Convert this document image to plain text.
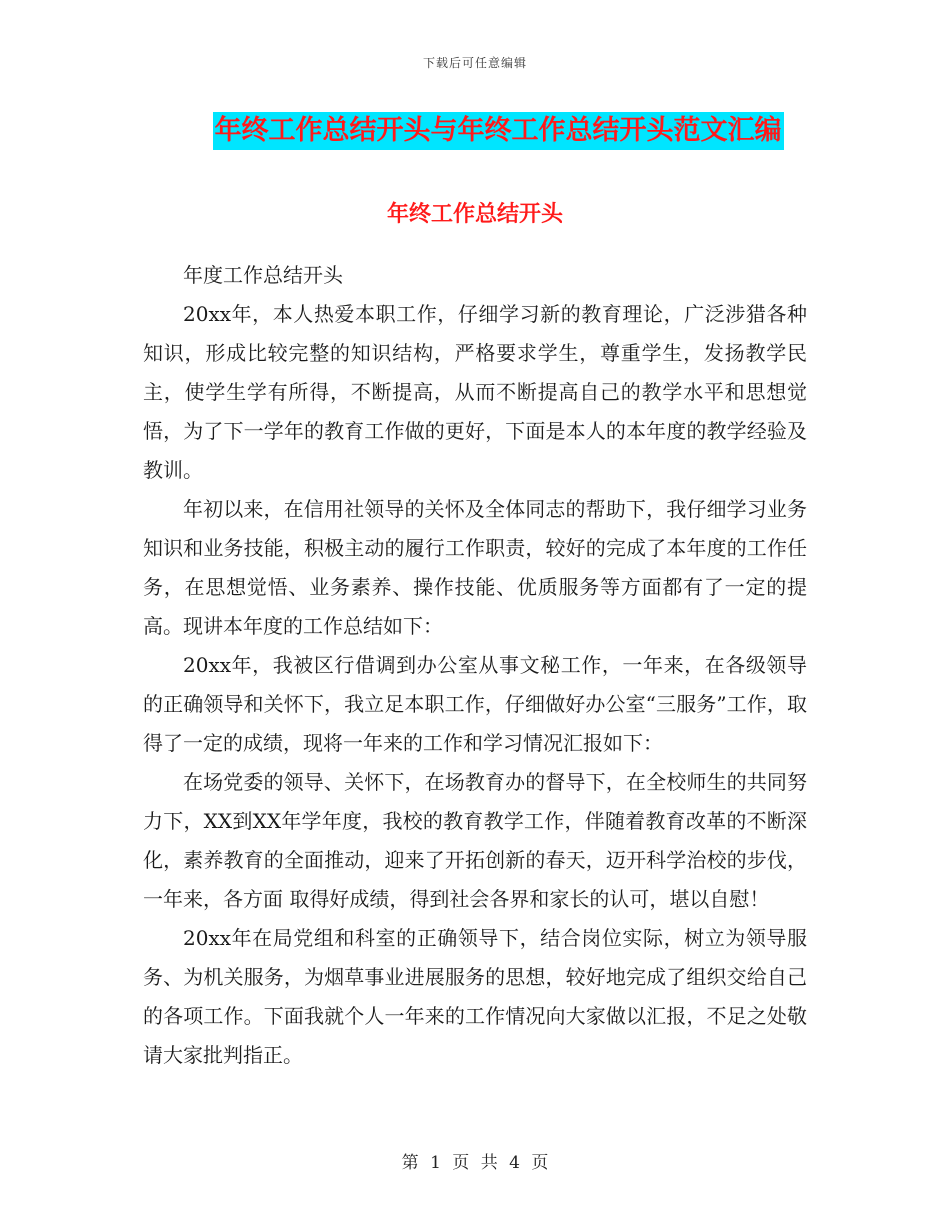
下载后可任意编辑
年终工作总结开头与年终工作总结开头范文汇编
年终工作总结开头

年度工作总结开头

20xx年，本人热爱本职工作，仔细学习新的教育理论，广泛涉猎各种知识，形成比较完整的知识结构，严格要求学生，尊重学生，发扬教学民主，使学生学有所得，不断提高，从而不断提高自己的教学水平和思想觉悟，为了下一学年的教育工作做的更好，下面是本人的本年度的教学经验及教训。

年初以来，在信用社领导的关怀及全体同志的帮助下，我仔细学习业务知识和业务技能，积极主动的履行工作职责，较好的完成了本年度的工作任务，在思想觉悟、业务素养、操作技能、优质服务等方面都有了一定的提高。现讲本年度的工作总结如下：

20xx年，我被区行借调到办公室从事文秘工作，一年来，在各级领导的正确领导和关怀下，我立足本职工作，仔细做好办公室“三服务”工作，取得了一定的成绩，现将一年来的工作和学习情况汇报如下：

在场党委的领导、关怀下，在场教育办的督导下，在全校师生的共同努力下，XX到XX年学年度，我校的教育教学工作，伴随着教育改革的不断深化，素养教育的全面推动，迎来了开拓创新的春天，迈开科学治校的步伐，一年来，各方面 取得好成绩，得到社会各界和家长的认可，堪以自慰！

20xx年在局党组和科室的正确领导下，结合岗位实际，树立为领导服务、为机关服务，为烟草事业进展服务的思想，较好地完成了组织交给自己的各项工作。下面我就个人一年来的工作情况向大家做以汇报，不足之处敬请大家批判指正。

第 1 页 共 4 页
